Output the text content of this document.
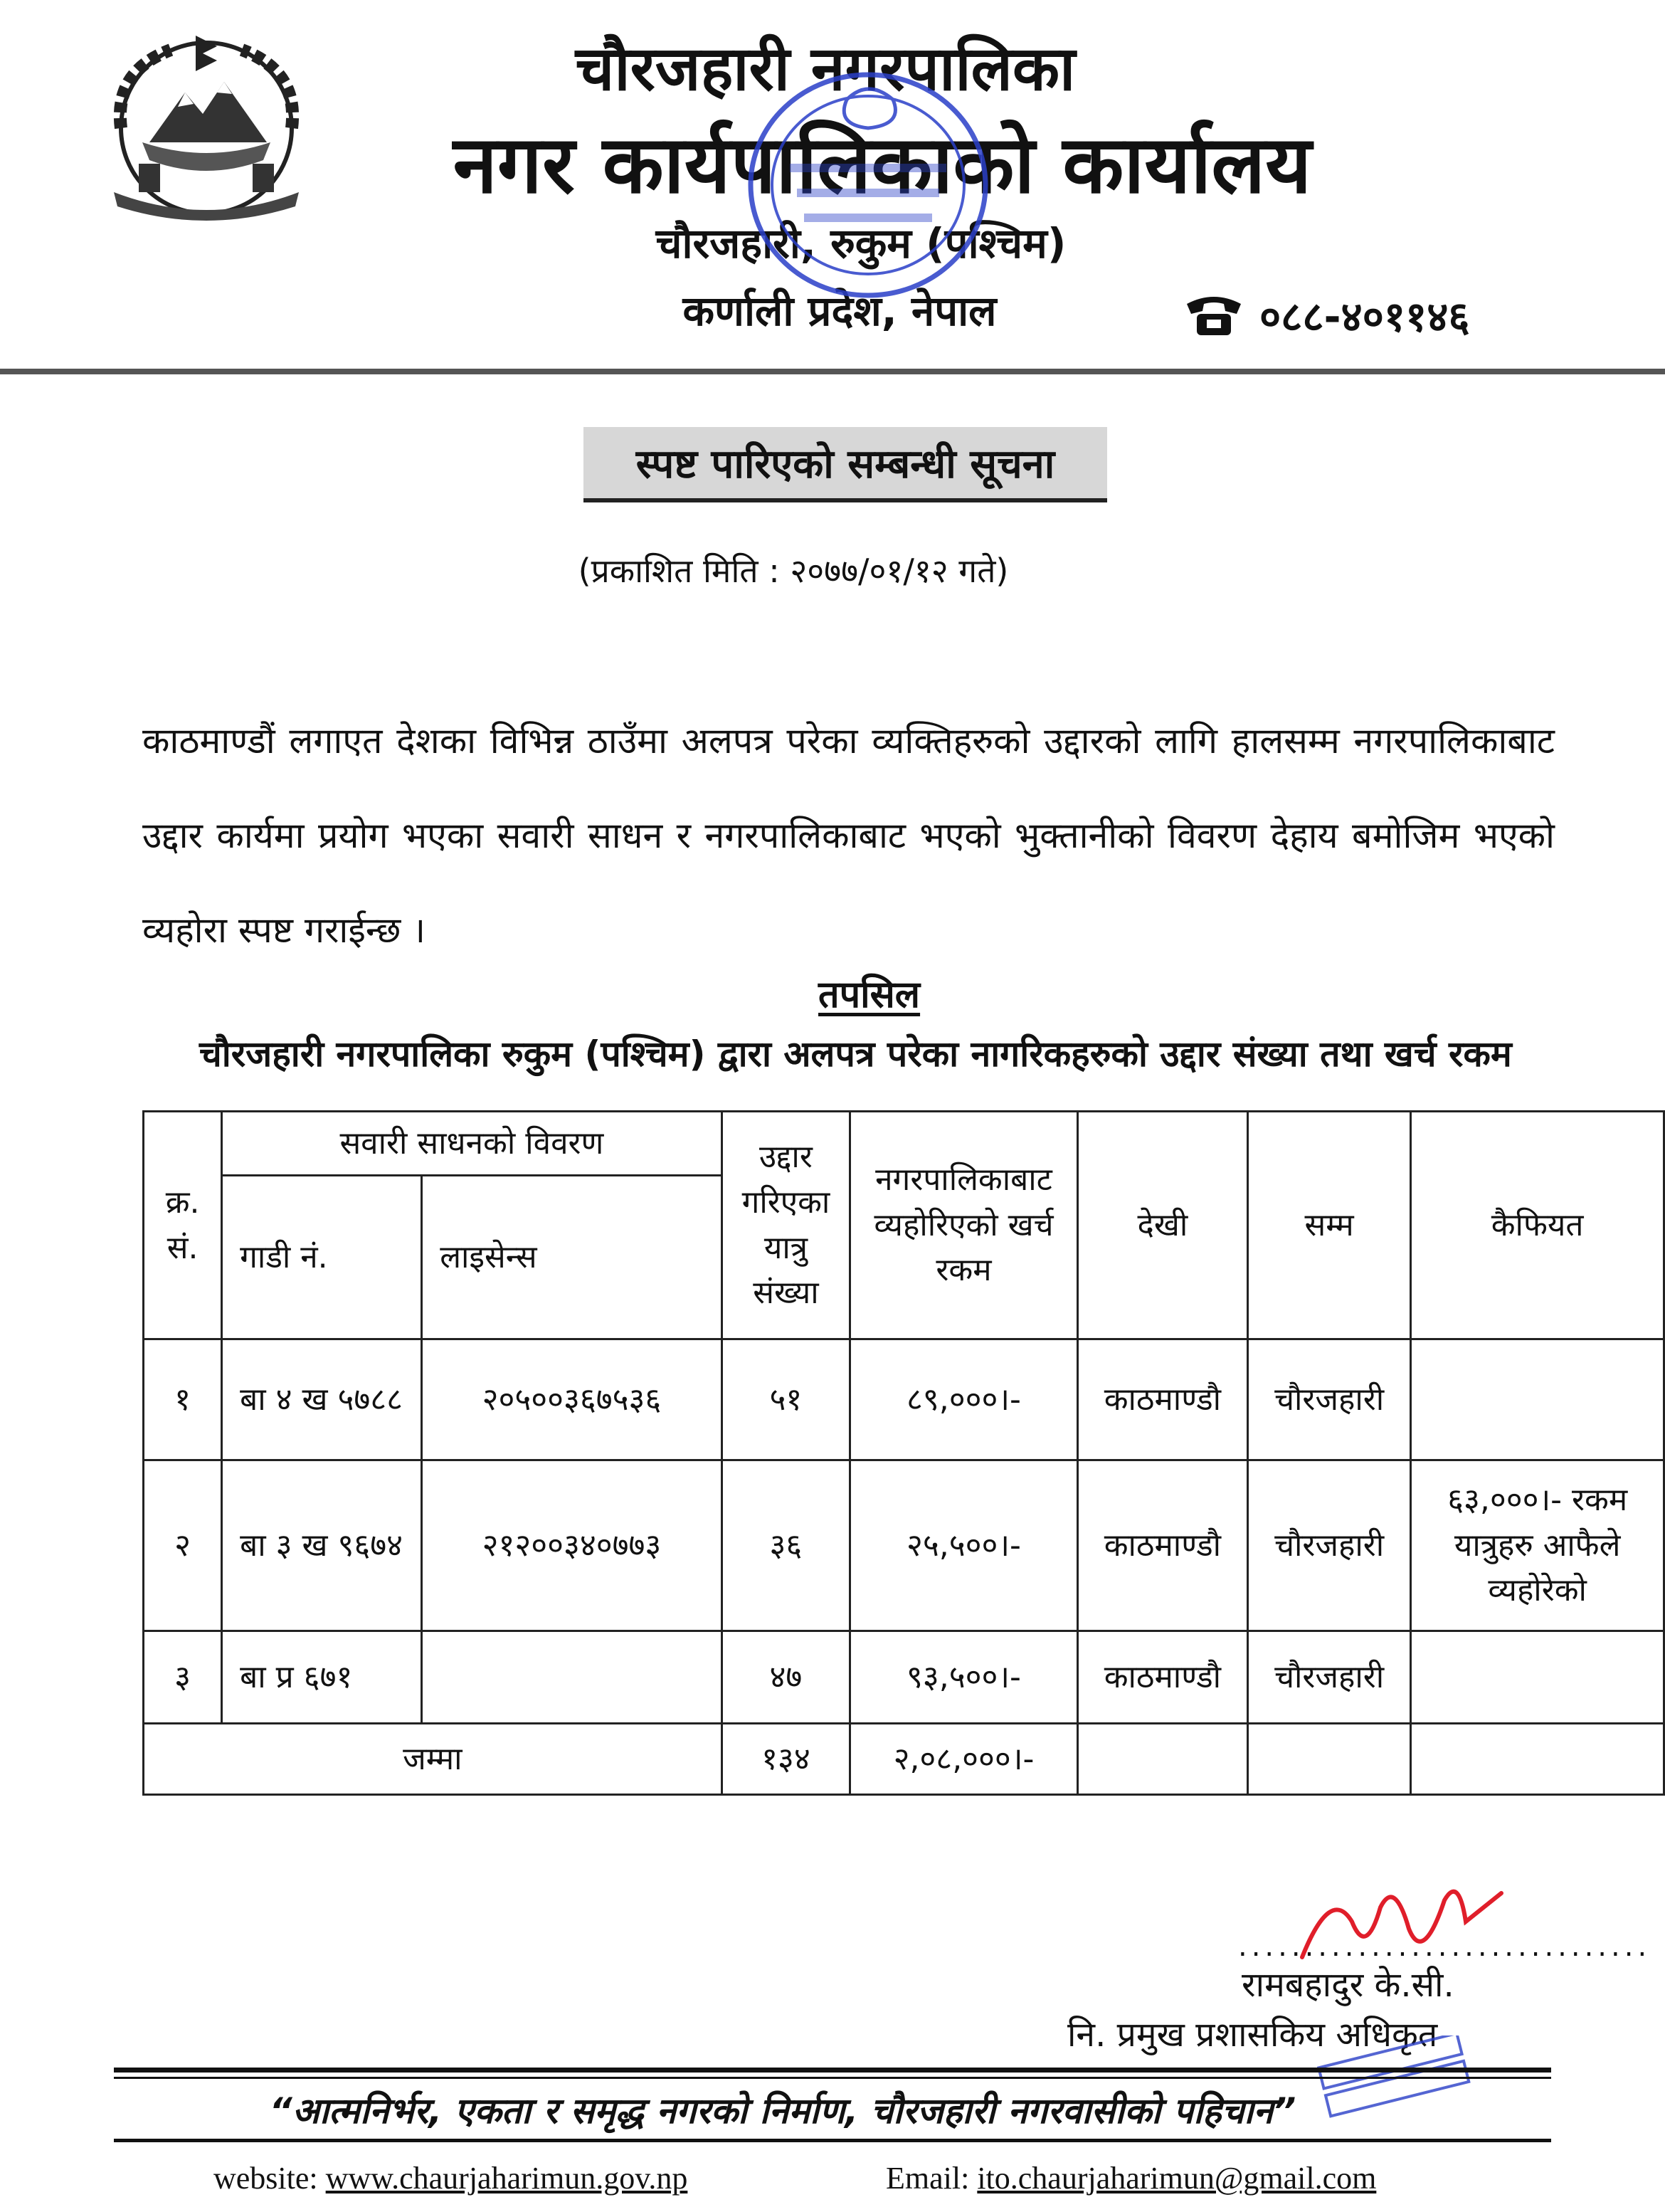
चौरजहारी नगरपालिका
नगर कार्यपालिकाको कार्यालय
चौरजहारी, रुकुम (पश्चिम)
कर्णाली प्रदेश, नेपाल	०८८-४०११४६
स्पष्ट पारिएको सम्बन्धी सूचना
(प्रकाशित मिति : २०७७/०१/१२ गते)
काठमाण्डौं लगाएत देशका विभिन्न ठाउँमा अलपत्र परेका व्यक्तिहरुको उद्दारको लागि हालसम्म नगरपालिकाबाट उद्दार कार्यमा प्रयोग भएका सवारी साधन र नगरपालिकाबाट भएको भुक्तानीको विवरण देहाय बमोजिम भएको व्यहोरा स्पष्ट गराईन्छ ।
तपसिल
चौरजहारी नगरपालिका रुकुम (पश्चिम) द्वारा अलपत्र परेका नागरिकहरुको उद्दार संख्या तथा खर्च रकम
क्र. सं.	सवारी साधनको विवरण		उद्दार गरिएका यात्रु संख्या	नगरपालिकाबाट व्यहोरिएको खर्च रकम	देखी	सम्म	कैफियत
	गाडी नं.	लाइसेन्स					
१	बा ४ ख ५७८८	२०५००३६७५३६	५१	८९,०००।-	काठमाण्डौ	चौरजहारी	
२	बा ३ ख ९६७४	२१२००३४०७७३	३६	२५,५००।-	काठमाण्डौ	चौरजहारी	६३,०००।- रकम यात्रुहरु आफैले व्यहोरेको
३	बा प्र ६७१		४७	९३,५००।-	काठमाण्डौ	चौरजहारी	
जम्मा			१३४	२,०८,०००।-			
...............................
रामबहादुर के.सी.
नि. प्रमुख प्रशासकिय अधिकृत
“आत्मनिर्भर, एकता र समृद्ध नगरको निर्माण, चौरजहारी नगरवासीको पहिचान”
website: www.chaurjaharimun.gov.np	Email: ito.chaurjaharimun@gmail.com
